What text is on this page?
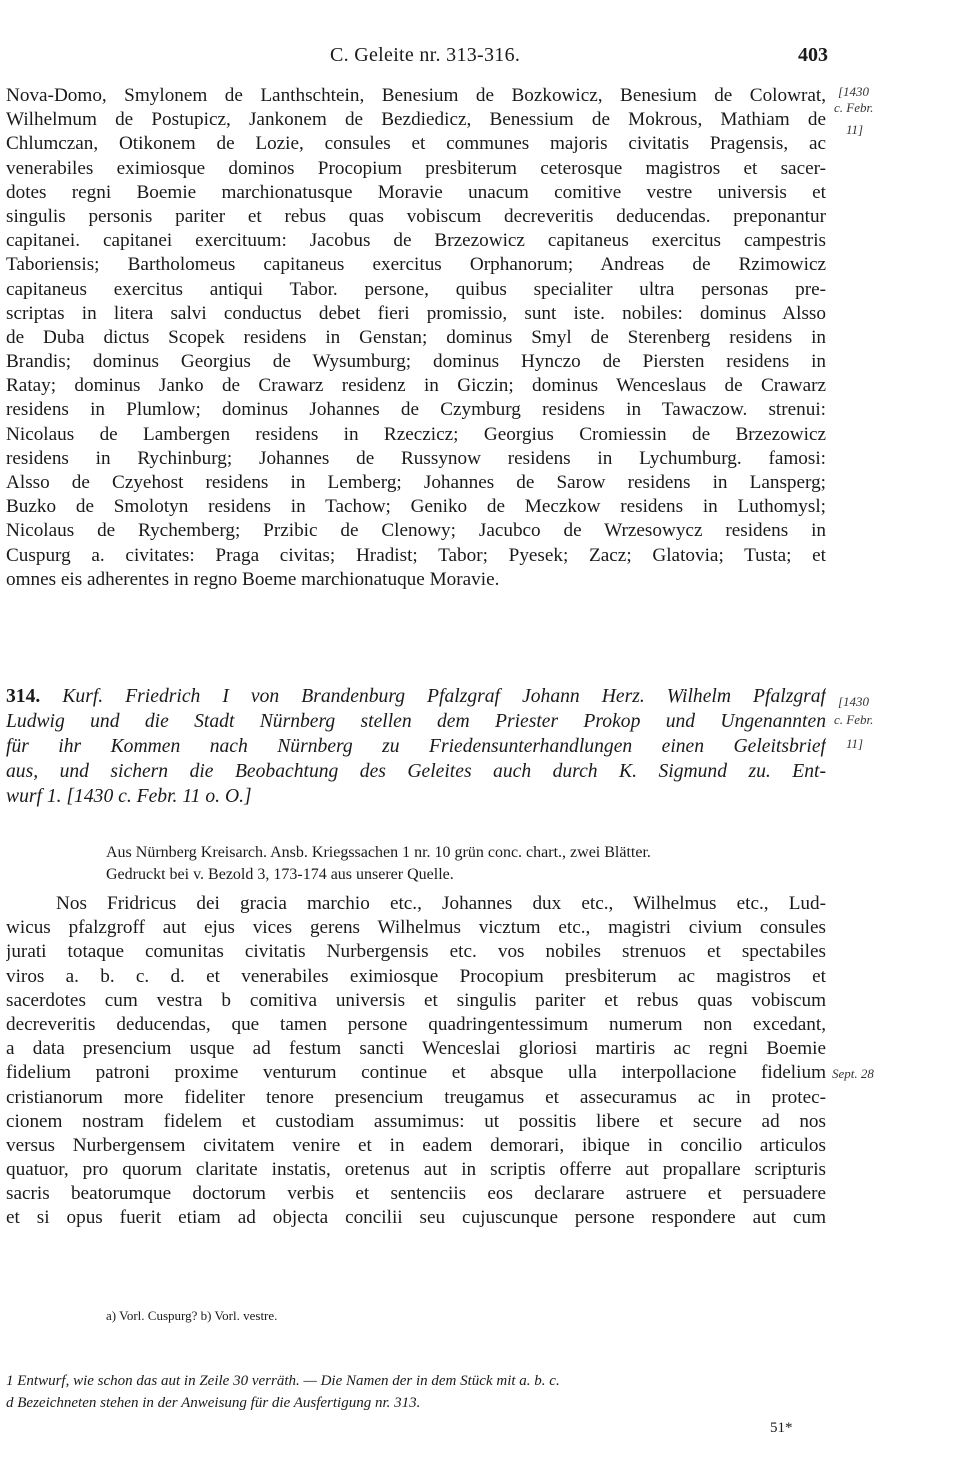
C. Geleite nr. 313-316.	403
[1430
c. Febr.
11]
[1430
c. Febr.
11]
Sept. 28
Nova-Domo, Smylonem de Lanthschtein, Benesium de Bozkowicz, Benesium de Colowrat,
Wilhelmum de Postupicz, Jankonem de Bezdiedicz, Benessium de Mokrous, Mathiam de
Chlumczan, Otikonem de Lozie, consules et communes majoris civitatis Pragensis, ac
venerabiles eximiosque dominos Procopium presbiterum ceterosque magistros et sacer-
dotes regni Boemie marchionatusque Moravie unacum comitive vestre universis et
singulis personis pariter et rebus quas vobiscum decreveritis deducendas. preponantur
capitanei. capitanei exercituum: Jacobus de Brzezowicz capitaneus exercitus campestris
Taboriensis; Bartholomeus capitaneus exercitus Orphanorum; Andreas de Rzimowicz
capitaneus exercitus antiqui Tabor. persone, quibus specialiter ultra personas pre-
scriptas in litera salvi conductus debet fieri promissio, sunt iste. nobiles: dominus Alsso
de Duba dictus Scopek residens in Genstan; dominus Smyl de Sterenberg residens in
Brandis; dominus Georgius de Wysumburg; dominus Hynczo de Piersten residens in
Ratay; dominus Janko de Crawarz residenz in Giczin; dominus Wenceslaus de Crawarz
residens in Plumlow; dominus Johannes de Czymburg residens in Tawaczow. strenui:
Nicolaus de Lambergen residens in Rzeczicz; Georgius Cromiessin de Brzezowicz
residens in Rychinburg; Johannes de Russynow residens in Lychumburg. famosi:
Alsso de Czyehost residens in Lemberg; Johannes de Sarow residens in Lansperg;
Buzko de Smolotyn residens in Tachow; Geniko de Meczkow residens in Luthomysl;
Nicolaus de Rychemberg; Przibic de Clenowy; Jacubco de Wrzesowycz residens in
Cuspurg a. civitates: Praga civitas; Hradist; Tabor; Pyesek; Zacz; Glatovia; Tusta; et
omnes eis adherentes in regno Boeme marchionatuque Moravie.
314. Kurf. Friedrich I von Brandenburg Pfalzgraf Johann Herz. Wilhelm Pfalzgraf
Ludwig und die Stadt Nürnberg stellen dem Priester Prokop und Ungenannten
für ihr Kommen nach Nürnberg zu Friedensunterhandlungen einen Geleitsbrief
aus, und sichern die Beobachtung des Geleites auch durch K. Sigmund zu. Ent-
wurf 1. [1430 c. Febr. 11 o. O.]
Aus Nürnberg Kreisarch. Ansb. Kriegssachen 1 nr. 10 grün conc. chart., zwei Blätter.
Gedruckt bei v. Bezold 3, 173-174 aus unserer Quelle.
Nos Fridricus dei gracia marchio etc., Johannes dux etc., Wilhelmus etc., Lud-
wicus pfalzgroff aut ejus vices gerens Wilhelmus vicztum etc., magistri civium consules
jurati totaque comunitas civitatis Nurbergensis etc. vos nobiles strenuos et spectabiles
viros a. b. c. d. et venerabiles eximiosque Procopium presbiterum ac magistros et
sacerdotes cum vestra b comitiva universis et singulis pariter et rebus quas vobiscum
decreveritis deducendas, que tamen persone quadringentessimum numerum non excedant,
a data presencium usque ad festum sancti Wenceslai gloriosi martiris ac regni Boemie
fidelium patroni proxime venturum continue et absque ulla interpollacione fidelium
cristianorum more fideliter tenore presencium treugamus et assecuramus ac in protec-
cionem nostram fidelem et custodiam assumimus: ut possitis libere et secure ad nos
versus Nurbergensem civitatem venire et in eadem demorari, ibique in concilio articulos
quatuor, pro quorum claritate instatis, oretenus aut in scriptis offerre aut propallare scripturis
sacris beatorumque doctorum verbis et sentenciis eos declarare astruere et persuadere
et si opus fuerit etiam ad objecta concilii seu cujuscunque persone respondere aut cum
a) Vorl. Cuspurg? b) Vorl. vestre.
1 Entwurf, wie schon das aut in Zeile 30 verräth. — Die Namen der in dem Stück mit a. b. c.
d Bezeichneten stehen in der Anweisung für die Ausfertigung nr. 313.
51*
